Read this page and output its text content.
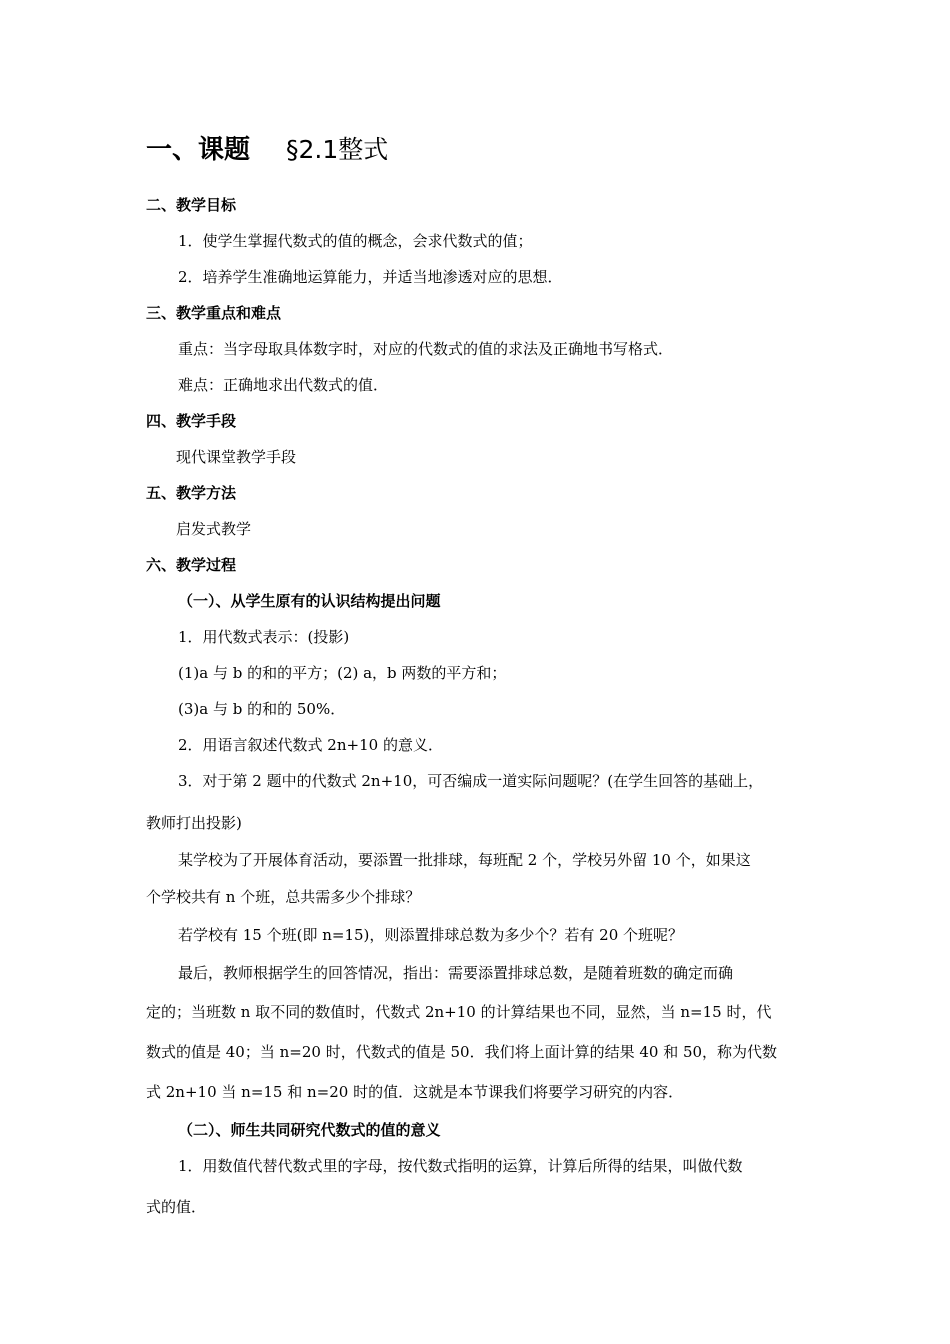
一、课题 §2.1整式
二、教学目标
1．使学生掌握代数式的值的概念，会求代数式的值；
2．培养学生准确地运算能力，并适当地渗透对应的思想．
三、教学重点和难点
重点：当字母取具体数字时，对应的代数式的值的求法及正确地书写格式．
难点：正确地求出代数式的值．
四、教学手段
现代课堂教学手段
五、教学方法
启发式教学
六、教学过程
（一）、从学生原有的认识结构提出问题
1．用代数式表示：(投影)
(1)a 与 b 的和的平方；(2) a，b 两数的平方和；
(3)a 与 b 的和的 50%．
2．用语言叙述代数式 2n+10 的意义．
3．对于第 2 题中的代数式 2n+10，可否编成一道实际问题呢？(在学生回答的基础上，
教师打出投影)
某学校为了开展体育活动，要添置一批排球，每班配 2 个，学校另外留 10 个，如果这
个学校共有 n 个班，总共需多少个排球？
若学校有 15 个班(即 n=15)，则添置排球总数为多少个？若有 20 个班呢？
最后，教师根据学生的回答情况，指出：需要添置排球总数，是随着班数的确定而确
定的；当班数 n 取不同的数值时，代数式 2n+10 的计算结果也不同，显然，当 n=15 时，代
数式的值是 40；当 n=20 时，代数式的值是 50．我们将上面计算的结果 40 和 50，称为代数
式 2n+10 当 n=15 和 n=20 时的值．这就是本节课我们将要学习研究的内容．
（二）、师生共同研究代数式的值的意义
1．用数值代替代数式里的字母，按代数式指明的运算，计算后所得的结果，叫做代数
式的值．
